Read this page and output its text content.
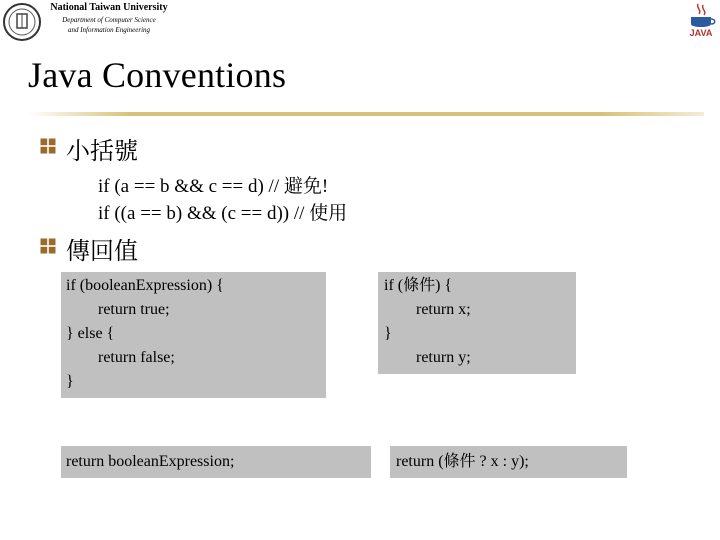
National Taiwan University
Department of Computer Science
and Information Engineering	JAVA
Java Conventions
小括號
if (a == b && c == d) // 避免!
if ((a == b) && (c == d)) // 使用
傳回值
if (booleanExpression) {
return true;
} else {
return false;
}
if (條件) {
return x;
}
return y;
return booleanExpression;	return (條件 ? x : y);
